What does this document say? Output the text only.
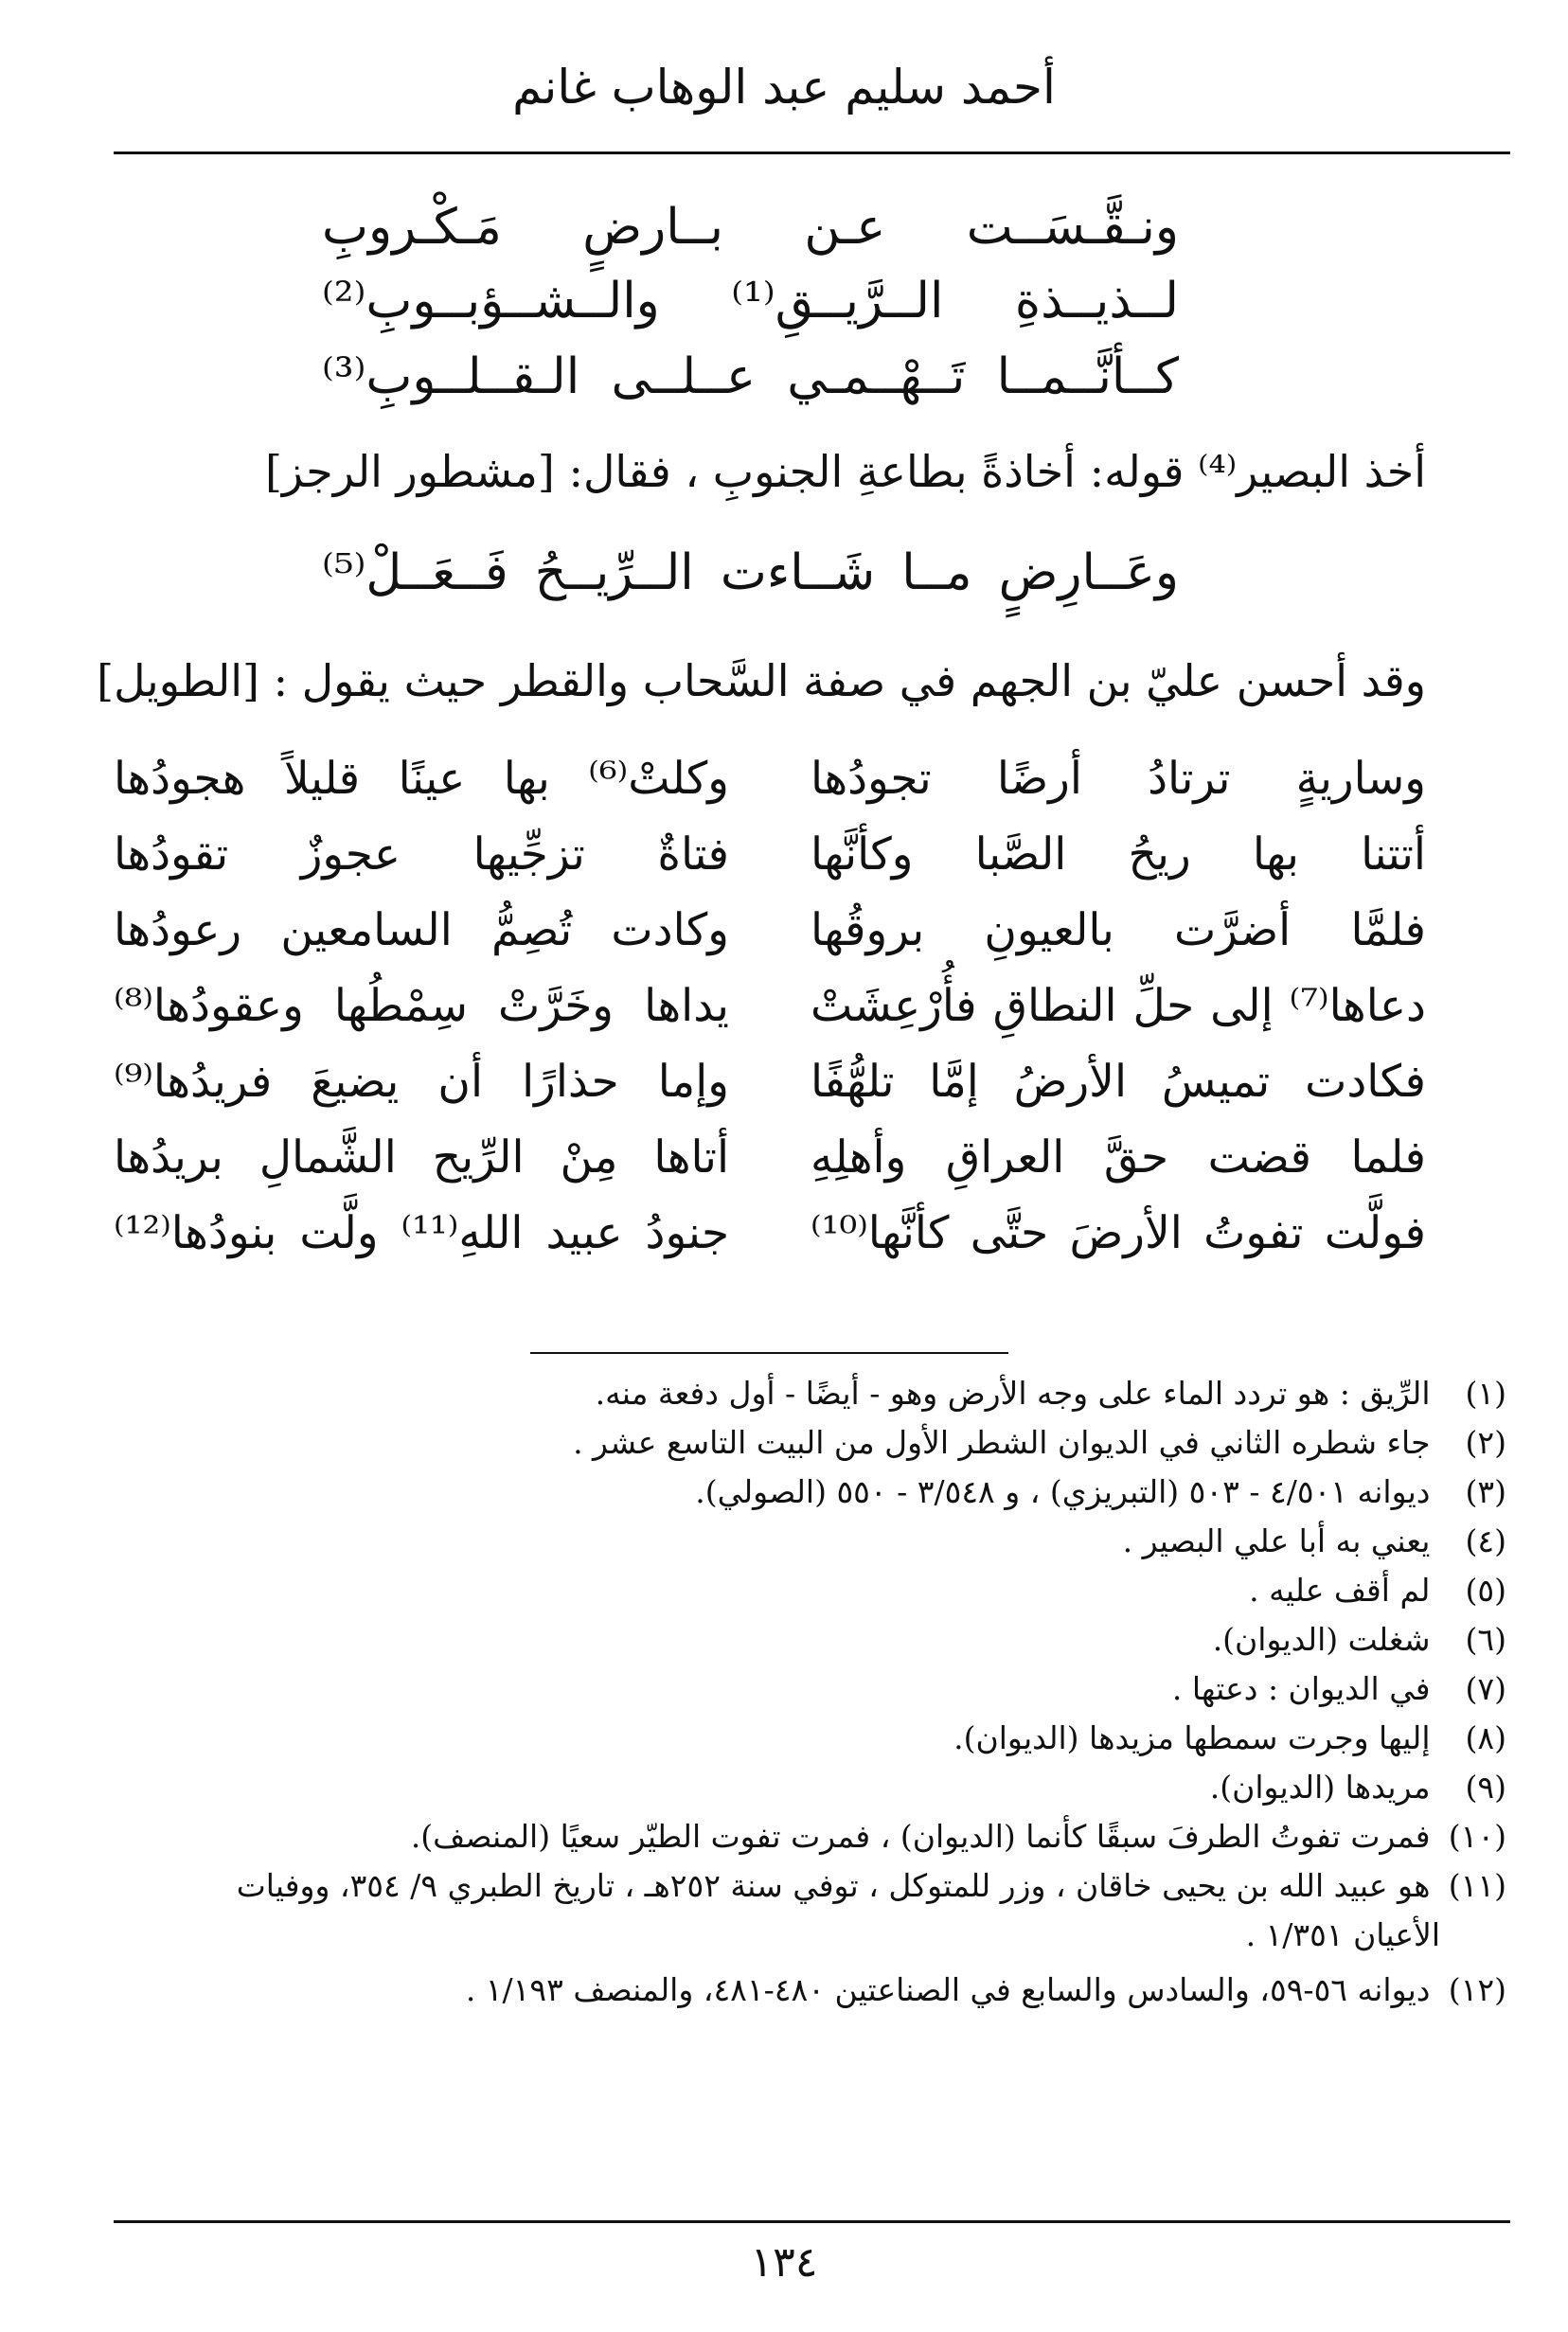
أحمد سليم عبد الوهاب غانم
ونـقَّـسَــت عـن بــارضٍ مَـكْـروبِ
لــذيــذةِ الــرَّيــقِ⁽¹⁾ والــشــؤبــوبِ⁽²⁾
كــأنَّــمــا تَــهْــمـي عــلــى الـقــلــوبِ⁽³⁾
أخذ البصير⁽⁴⁾ قوله: أخاذةً بطاعةِ الجنوبِ ، فقال: [مشطور الرجز]
وعَــارِضٍ مــا شَــاءت الــرِّيــحُ فَــعَــلْ⁽⁵⁾
وقد أحسن عليّ بن الجهم في صفة السَّحاب والقطر حيث يقول : [الطويل]
وساريةٍ ترتادُ أرضًا تجودُها
وكلتْ⁽⁶⁾ بها عينًا قليلاً هجودُها
أتتنا بها ريحُ الصَّبا وكأنَّها
فتاةٌ تزجِّيها عجوزٌ تقودُها
فلمَّا أضرَّت بالعيونِ بروقُها
وكادت تُصِمُّ السامعين رعودُها
دعاها⁽⁷⁾ إلى حلِّ النطاقِ فأُرْعِشَتْ
يداها وخَرَّتْ سِمْطُها وعقودُها⁽⁸⁾
فكادت تميسُ الأرضُ إمَّا تلهُّفًا
وإما حذارًا أن يضيعَ فريدُها⁽⁹⁾
فلما قضت حقَّ العراقِ وأهلِهِ
أتاها مِنْ الرِّيح الشَّمالِ بريدُها
فولَّت تفوتُ الأرضَ حتَّى كأنَّها⁽¹⁰⁾
جنودُ عبيد اللهِ⁽¹¹⁾ ولَّت بنودُها⁽¹²⁾
(١) الرِّيق : هو تردد الماء على وجه الأرض وهو - أيضًا - أول دفعة منه.
(٢) جاء شطره الثاني في الديوان الشطر الأول من البيت التاسع عشر .
(٣) ديوانه ٤/٥٠١ - ٥٠٣ (التبريزي) ، و ٣/٥٤٨ - ٥٥٠ (الصولي).
(٤) يعني به أبا علي البصير .
(٥) لم أقف عليه .
(٦) شغلت (الديوان).
(٧) في الديوان : دعتها .
(٨) إليها وجرت سمطها مزيدها (الديوان).
(٩) مريدها (الديوان).
(١٠) فمرت تفوتُ الطرفَ سبقًا كأنما (الديوان) ، فمرت تفوت الطيّر سعيًا (المنصف).
(١١) هو عبيد الله بن يحيى خاقان ، وزر للمتوكل ، توفي سنة ٢٥٢هـ ، تاريخ الطبري ٩/ ٣٥٤، ووفيات
الأعيان ١/٣٥١ .
(١٢) ديوانه ٥٦-٥٩، والسادس والسابع في الصناعتين ٤٨٠-٤٨١، والمنصف ١/١٩٣ .
١٣٤
